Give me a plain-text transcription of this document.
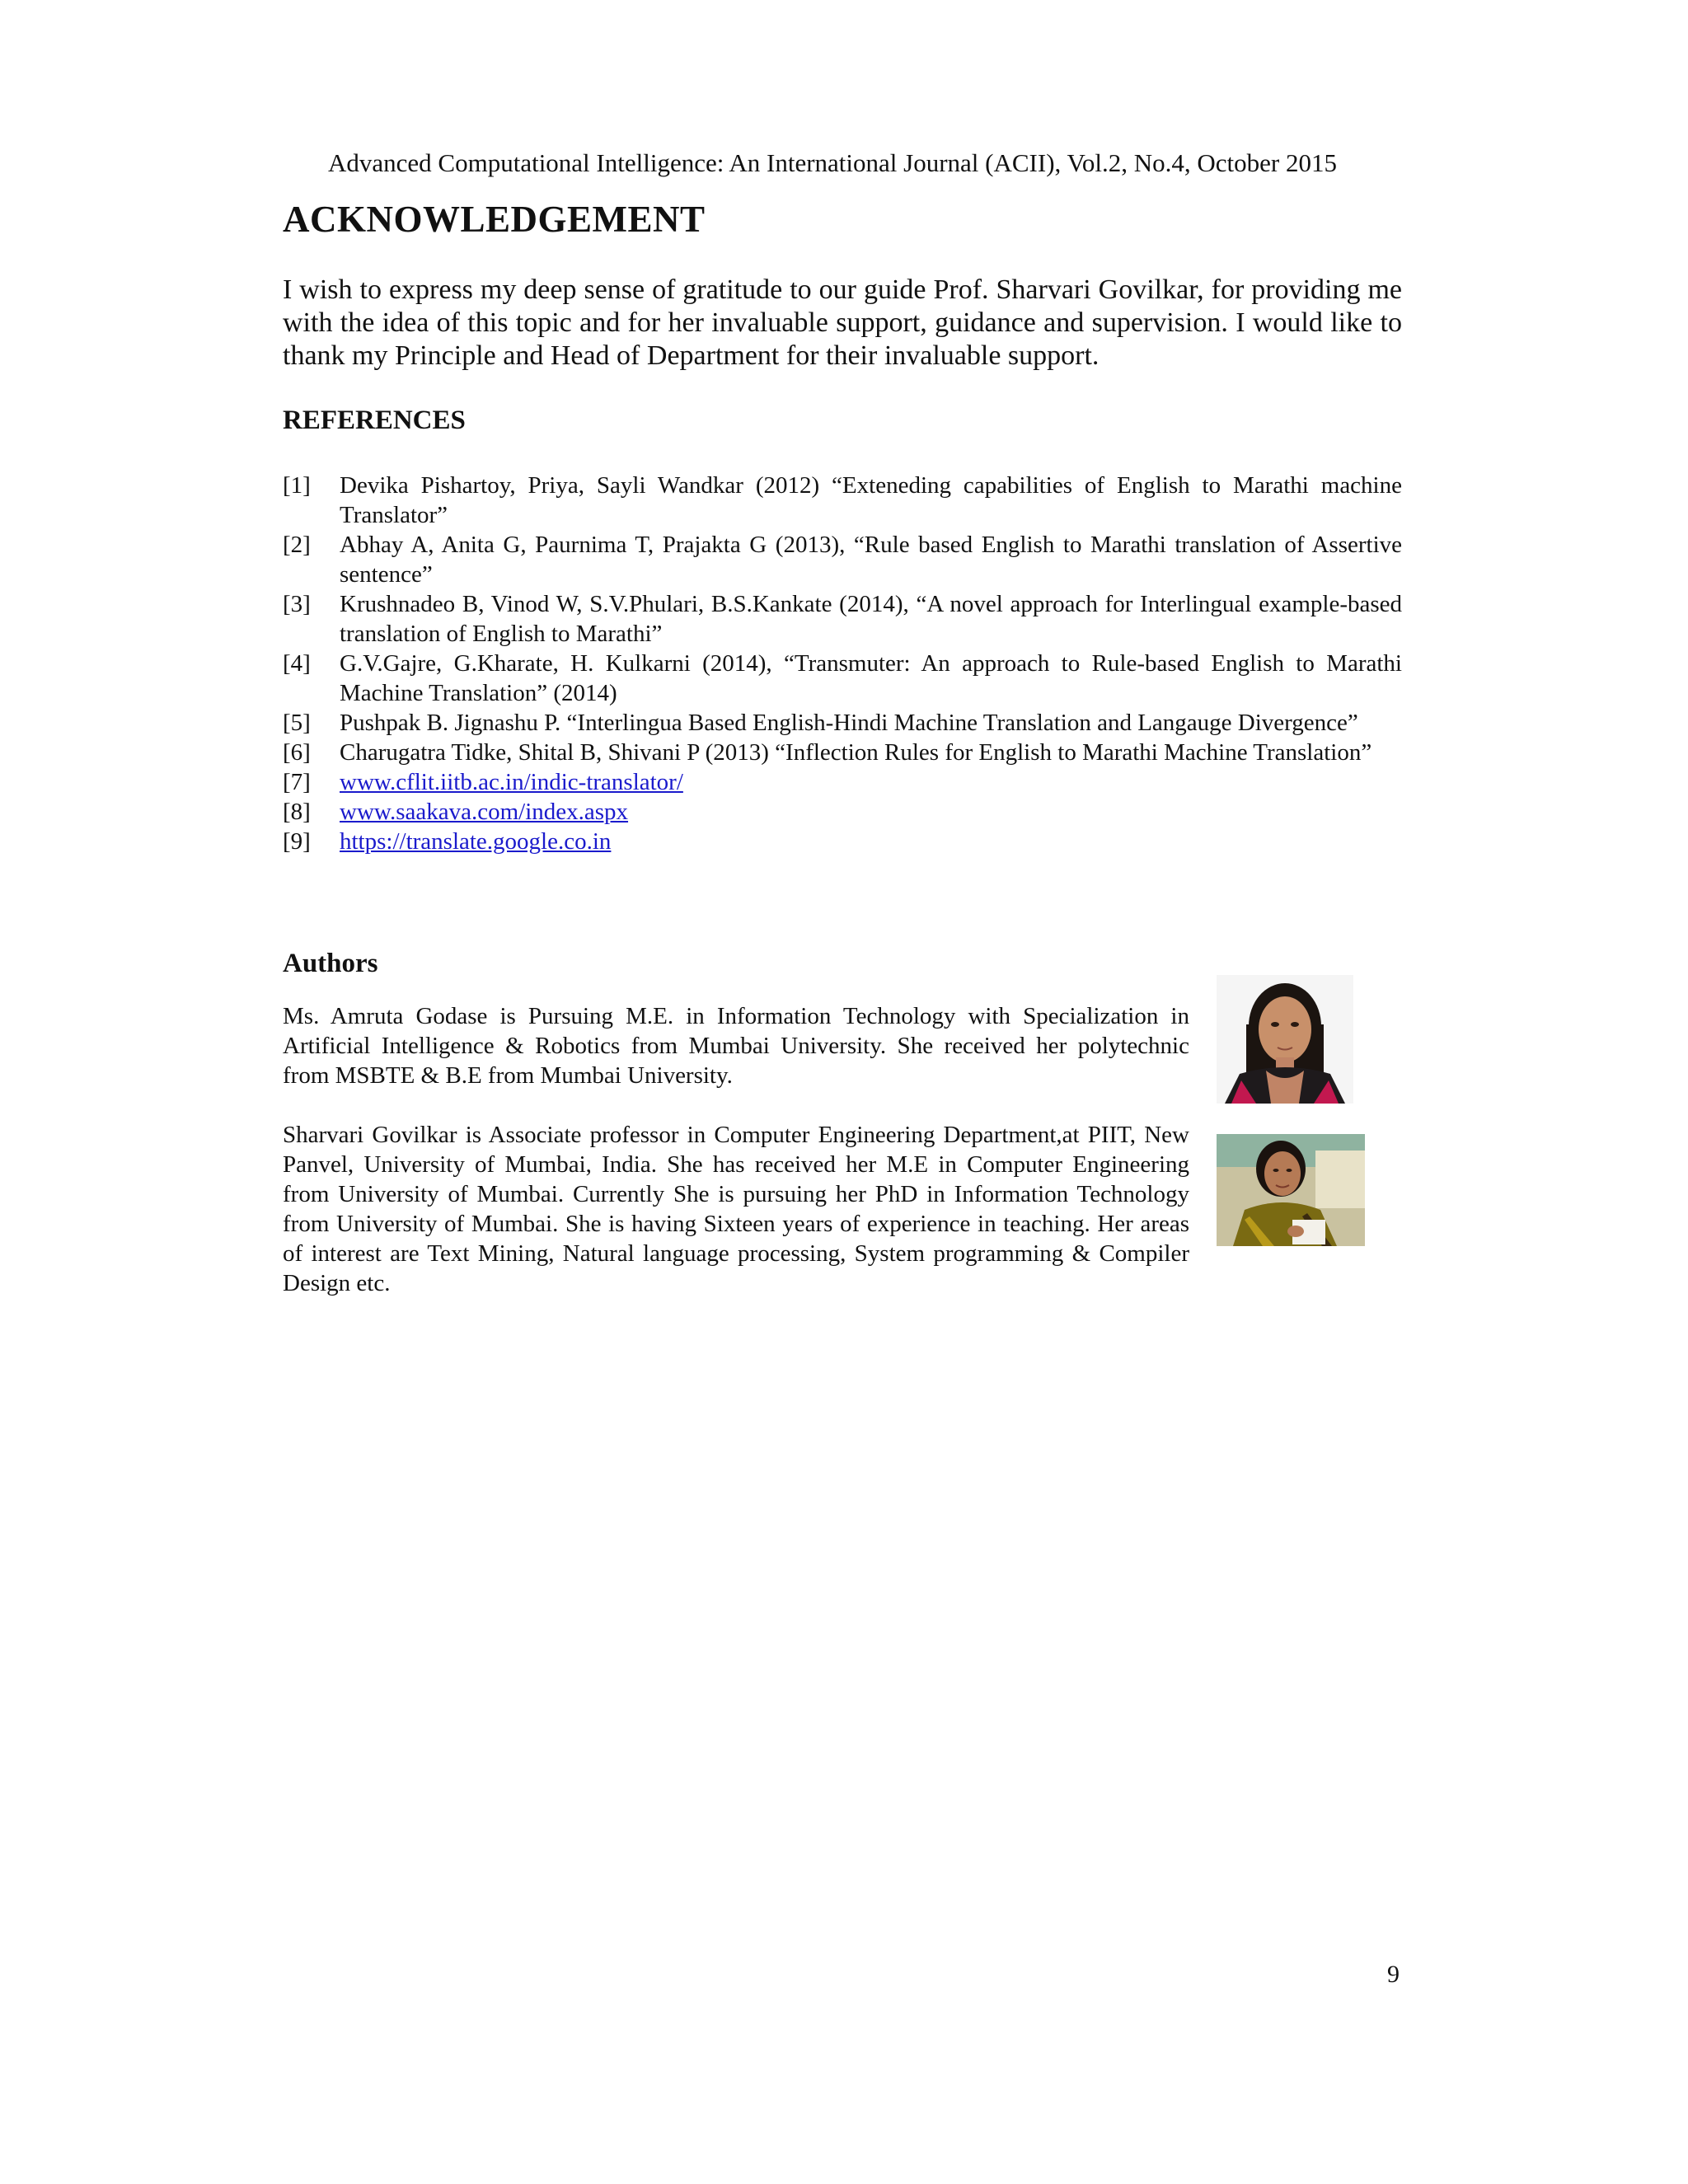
Advanced Computational Intelligence: An International Journal (ACII), Vol.2, No.4, October 2015
ACKNOWLEDGEMENT
I wish to express my deep sense of gratitude to our guide Prof. Sharvari Govilkar, for providing me with the idea of this topic and for her invaluable support, guidance and supervision. I would like to thank my Principle and Head of Department for their invaluable support.
REFERENCES
[1] Devika Pishartoy, Priya, Sayli Wandkar (2012) “Exteneding capabilities of English to Marathi machine Translator”
[2] Abhay A, Anita G, Paurnima T, Prajakta G (2013), “Rule based English to Marathi translation of Assertive sentence”
[3] Krushnadeo B, Vinod W, S.V.Phulari, B.S.Kankate (2014), “A novel approach for Interlingual example-based translation of English to Marathi”
[4] G.V.Gajre, G.Kharate, H. Kulkarni (2014), “Transmuter: An approach to Rule-based English to Marathi Machine Translation” (2014)
[5] Pushpak B. Jignashu P. “Interlingua Based English-Hindi Machine Translation and Langauge Divergence”
[6] Charugatra Tidke, Shital B, Shivani P (2013) “Inflection Rules for English to Marathi Machine Translation”
[7] www.cflit.iitb.ac.in/indic-translator/
[8] www.saakava.com/index.aspx
[9] https://translate.google.co.in
Authors
Ms. Amruta Godase is Pursuing M.E. in Information Technology with Specialization in Artificial Intelligence & Robotics from Mumbai University. She received her polytechnic from MSBTE & B.E from Mumbai University.
Sharvari Govilkar is Associate professor in Computer Engineering Department,at PIIT, New Panvel, University of Mumbai, India. She has received her M.E in Computer Engineering from University of Mumbai. Currently She is pursuing her PhD in Information Technology from University of Mumbai. She is having Sixteen years of experience in teaching. Her areas of interest are Text Mining, Natural language processing, System programming & Compiler Design etc.
9
